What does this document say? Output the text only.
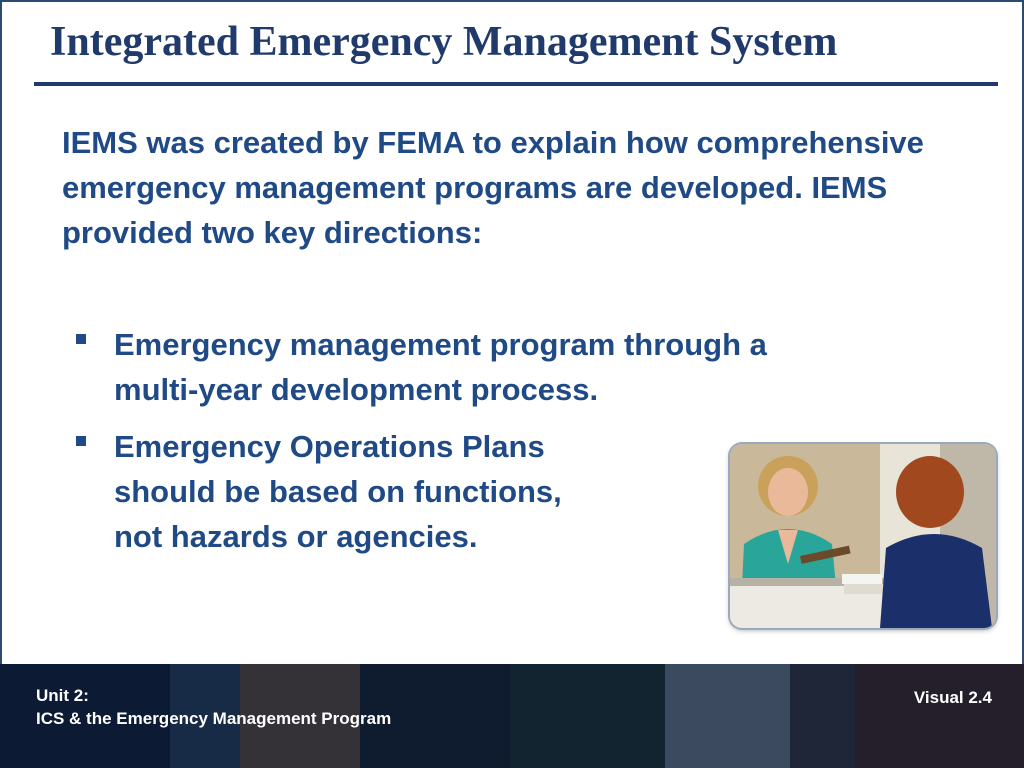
Integrated Emergency Management System
IEMS was created by FEMA to explain how comprehensive emergency management programs are developed. IEMS provided two key directions:
Emergency management program through a
multi-year development process.
Emergency Operations Plans
should be based on functions,
not hazards or agencies.
Unit 2:
ICS & the Emergency Management Program
Visual 2.4
